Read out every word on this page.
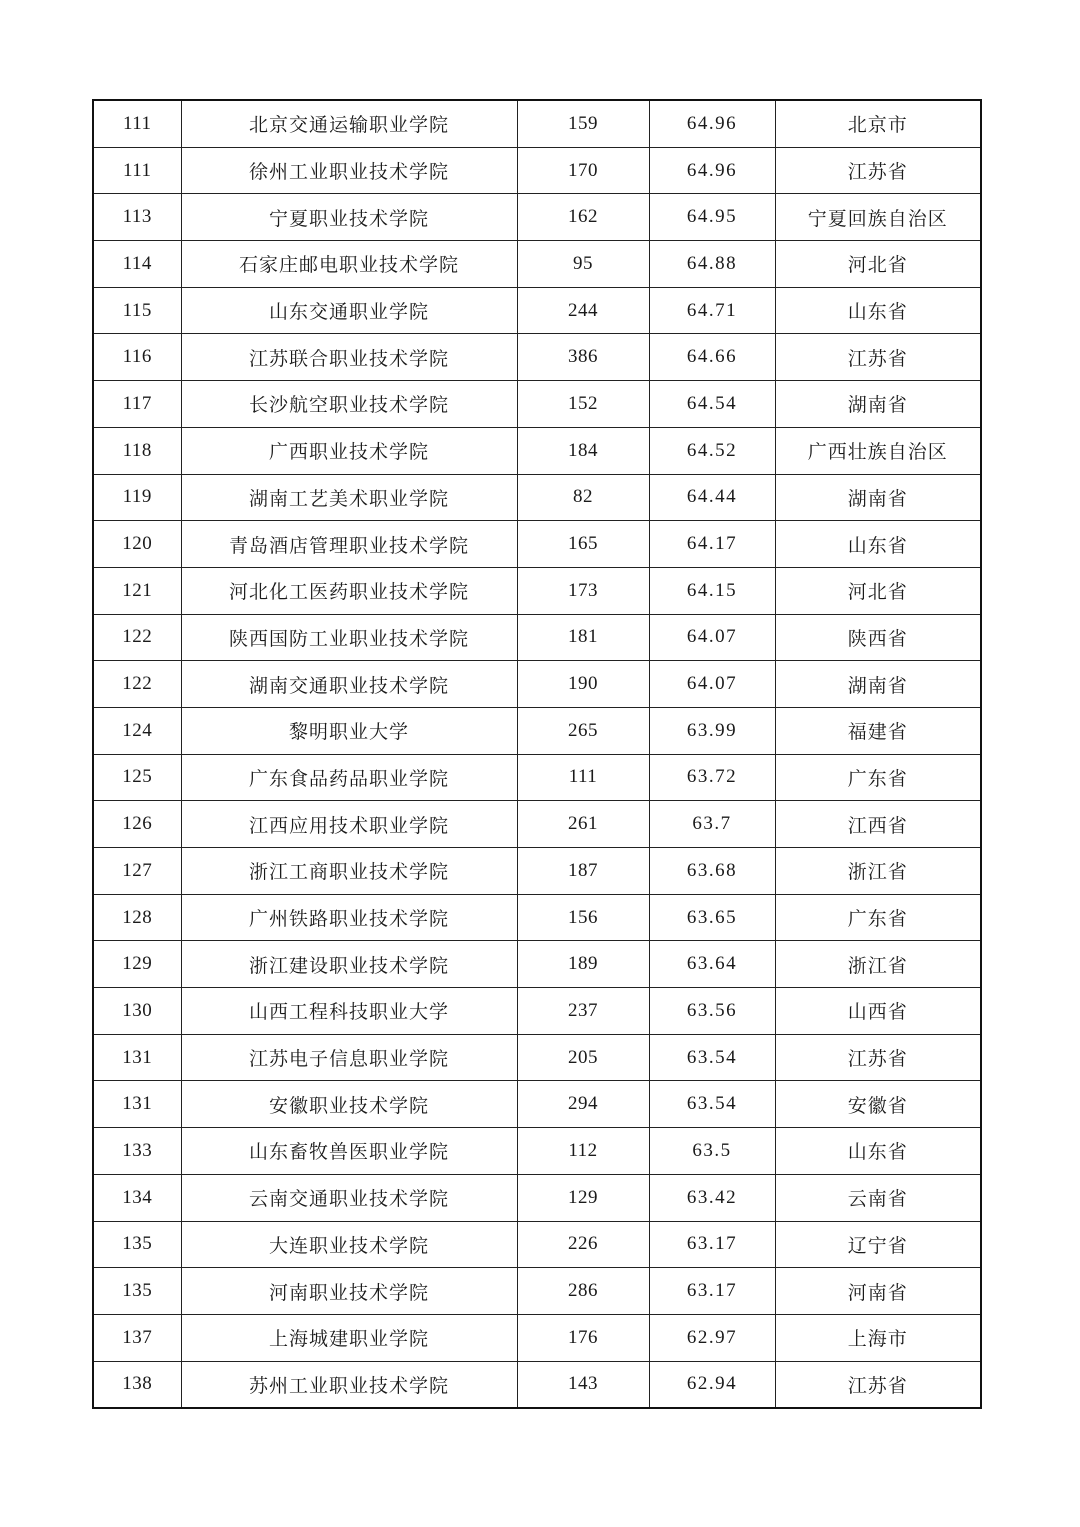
111	北京交通运输职业学院	159	64.96	北京市
111	徐州工业职业技术学院	170	64.96	江苏省
113	宁夏职业技术学院	162	64.95	宁夏回族自治区
114	石家庄邮电职业技术学院	95	64.88	河北省
115	山东交通职业学院	244	64.71	山东省
116	江苏联合职业技术学院	386	64.66	江苏省
117	长沙航空职业技术学院	152	64.54	湖南省
118	广西职业技术学院	184	64.52	广西壮族自治区
119	湖南工艺美术职业学院	82	64.44	湖南省
120	青岛酒店管理职业技术学院	165	64.17	山东省
121	河北化工医药职业技术学院	173	64.15	河北省
122	陕西国防工业职业技术学院	181	64.07	陕西省
122	湖南交通职业技术学院	190	64.07	湖南省
124	黎明职业大学	265	63.99	福建省
125	广东食品药品职业学院	111	63.72	广东省
126	江西应用技术职业学院	261	63.7	江西省
127	浙江工商职业技术学院	187	63.68	浙江省
128	广州铁路职业技术学院	156	63.65	广东省
129	浙江建设职业技术学院	189	63.64	浙江省
130	山西工程科技职业大学	237	63.56	山西省
131	江苏电子信息职业学院	205	63.54	江苏省
131	安徽职业技术学院	294	63.54	安徽省
133	山东畜牧兽医职业学院	112	63.5	山东省
134	云南交通职业技术学院	129	63.42	云南省
135	大连职业技术学院	226	63.17	辽宁省
135	河南职业技术学院	286	63.17	河南省
137	上海城建职业学院	176	62.97	上海市
138	苏州工业职业技术学院	143	62.94	江苏省
